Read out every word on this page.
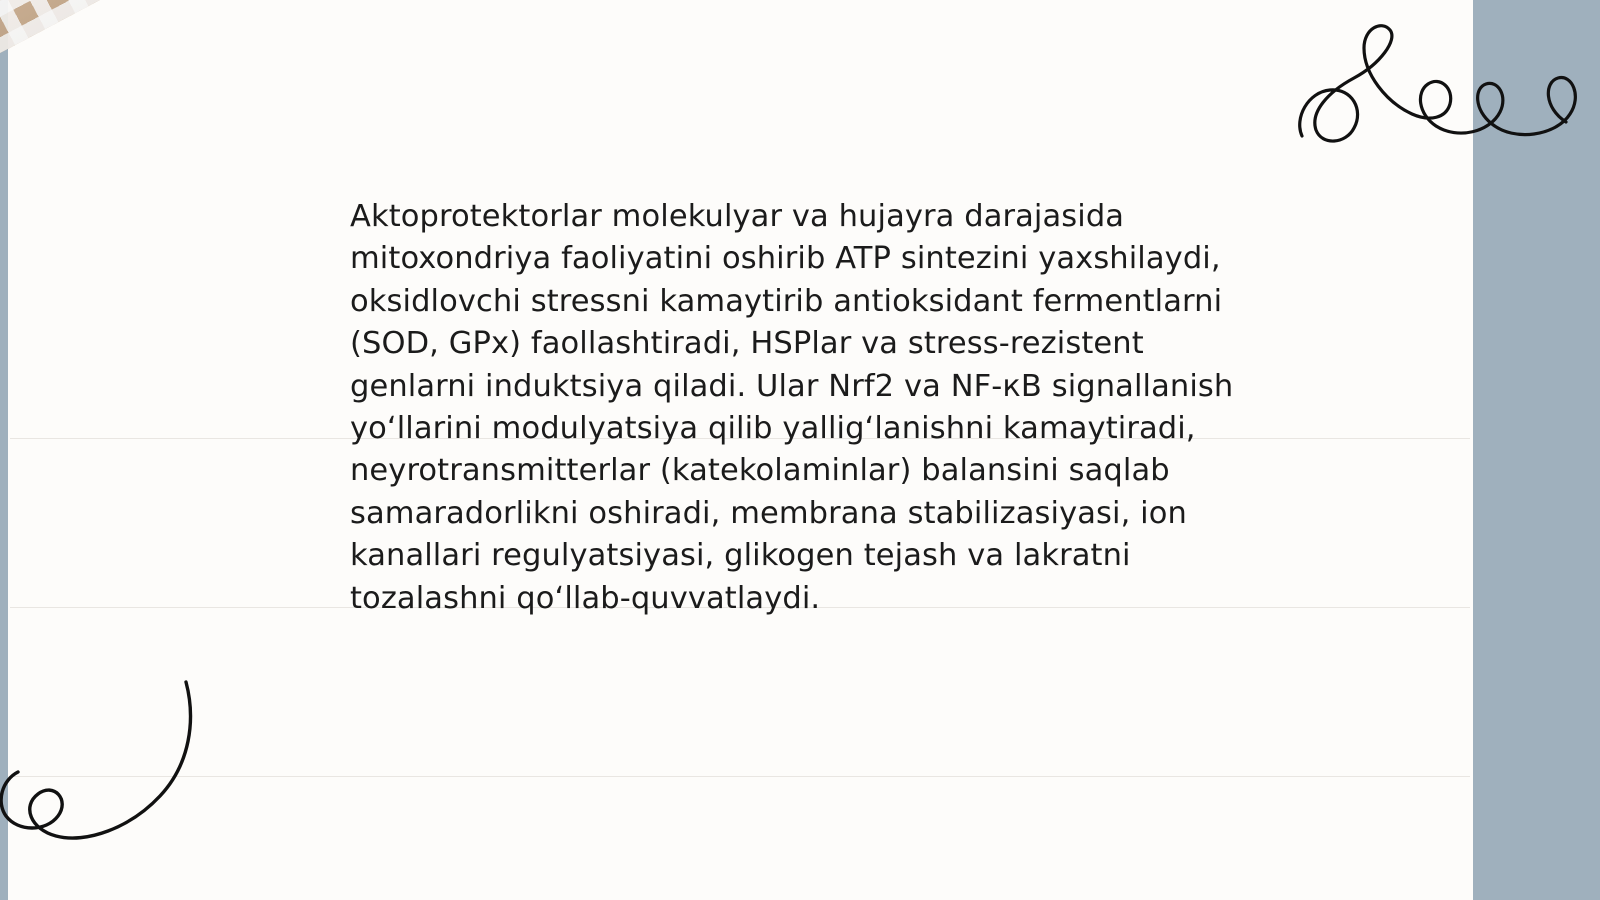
Aktoprotektorlar molekulyar va hujayra darajasida mitoxondriya faoliyatini oshirib ATP sintezini yaxshilaydi, oksidlovchi stressni kamaytirib antioksidant fermentlarni (SOD, GPx) faollashtiradi, HSPlar va stress-rezistent genlarni induktsiya qiladi. Ular Nrf2 va NF-кB signallanish yo‘llarini modulyatsiya qilib yallig‘lanishni kamaytiradi, neyrotransmitterlar (katekolaminlar) balansini saqlab samaradorlikni oshiradi, membrana stabilizasiyasi, ion kanallari regulyatsiyasi, glikogen tejash va lakratni tozalashni qo‘llab-quvvatlaydi.
